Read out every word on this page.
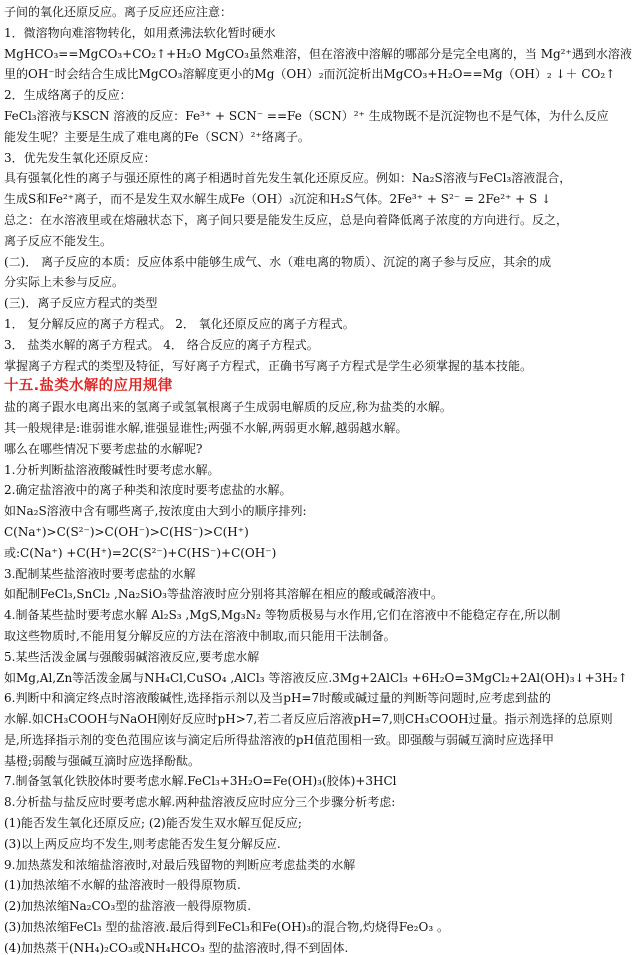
子间的氧化还原反应。离子反应还应注意：
1．微溶物向难溶物转化，如用煮沸法软化暂时硬水
MgHCO₃==MgCO₃+CO₂↑+H₂O MgCO₃虽然难溶，但在溶液中溶解的哪部分是完全电离的，当 Mg²⁺遇到水溶液
里的OH⁻时会结合生成比MgCO₃溶解度更小的Mg（OH）₂而沉淀析出MgCO₃+H₂O==Mg（OH）₂ ↓＋ CO₂↑
2．生成络离子的反应：
FeCl₃溶液与KSCN 溶液的反应：Fe³⁺ + SCN⁻ ==Fe（SCN）²⁺ 生成物既不是沉淀物也不是气体，为什么反应
能发生呢？主要是生成了难电离的Fe（SCN）²⁺络离子。
3．优先发生氧化还原反应：
具有强氧化性的离子与强还原性的离子相遇时首先发生氧化还原反应。例如：Na₂S溶液与FeCl₃溶液混合，
生成S和Fe²⁺离子，而不是发生双水解生成Fe（OH）₃沉淀和H₂S气体。2Fe³⁺ + S²⁻ = 2Fe²⁺ + S ↓
总之：在水溶液里或在熔融状态下，离子间只要是能发生反应，总是向着降低离子浓度的方向进行。反之，
离子反应不能发生。
(二)． 离子反应的本质：反应体系中能够生成气、水（难电离的物质）、沉淀的离子参与反应，其余的成
分实际上未参与反应。
(三)．离子反应方程式的类型
1． 复分解反应的离子方程式。 2． 氧化还原反应的离子方程式。
3． 盐类水解的离子方程式。 4． 络合反应的离子方程式。
掌握离子方程式的类型及特征，写好离子方程式，正确书写离子方程式是学生必须掌握的基本技能。
十五.盐类水解的应用规律
盐的离子跟水电离出来的氢离子或氢氧根离子生成弱电解质的反应,称为盐类的水解。
其一般规律是:谁弱谁水解,谁强显谁性;两强不水解,两弱更水解,越弱越水解。
哪么在哪些情况下要考虑盐的水解呢?
1.分析判断盐溶液酸碱性时要考虑水解。
2.确定盐溶液中的离子种类和浓度时要考虑盐的水解。
如Na₂S溶液中含有哪些离子,按浓度由大到小的顺序排列:
C(Na⁺)>C(S²⁻)>C(OH⁻)>C(HS⁻)>C(H⁺)
或:C(Na⁺) +C(H⁺)=2C(S²⁻)+C(HS⁻)+C(OH⁻)
3.配制某些盐溶液时要考虑盐的水解
如配制FeCl₃,SnCl₂ ,Na₂SiO₃等盐溶液时应分别将其溶解在相应的酸或碱溶液中。
4.制备某些盐时要考虑水解 Al₂S₃ ,MgS,Mg₃N₂ 等物质极易与水作用,它们在溶液中不能稳定存在,所以制
取这些物质时,不能用复分解反应的方法在溶液中制取,而只能用干法制备。
5.某些活泼金属与强酸弱碱溶液反应,要考虑水解
如Mg,Al,Zn等活泼金属与NH₄Cl,CuSO₄ ,AlCl₃ 等溶液反应.3Mg+2AlCl₃ +6H₂O=3MgCl₂+2Al(OH)₃↓+3H₂↑
6.判断中和滴定终点时溶液酸碱性,选择指示剂以及当pH=7时酸或碱过量的判断等问题时,应考虑到盐的
水解.如CH₃COOH与NaOH刚好反应时pH>7,若二者反应后溶液pH=7,则CH₃COOH过量。指示剂选择的总原则
是,所选择指示剂的变色范围应该与滴定后所得盐溶液的pH值范围相一致。即强酸与弱碱互滴时应选择甲
基橙;弱酸与强碱互滴时应选择酚酞。
7.制备氢氧化铁胶体时要考虑水解.FeCl₃+3H₂O=Fe(OH)₃(胶体)+3HCl
8.分析盐与盐反应时要考虑水解.两种盐溶液反应时应分三个步骤分析考虑:
(1)能否发生氧化还原反应; (2)能否发生双水解互促反应;
(3)以上两反应均不发生,则考虑能否发生复分解反应.
9.加热蒸发和浓缩盐溶液时,对最后残留物的判断应考虑盐类的水解
(1)加热浓缩不水解的盐溶液时一般得原物质.
(2)加热浓缩Na₂CO₃型的盐溶液一般得原物质.
(3)加热浓缩FeCl₃ 型的盐溶液.最后得到FeCl₃和Fe(OH)₃的混合物,灼烧得Fe₂O₃ 。
(4)加热蒸干(NH₄)₂CO₃或NH₄HCO₃ 型的盐溶液时,得不到固体.
